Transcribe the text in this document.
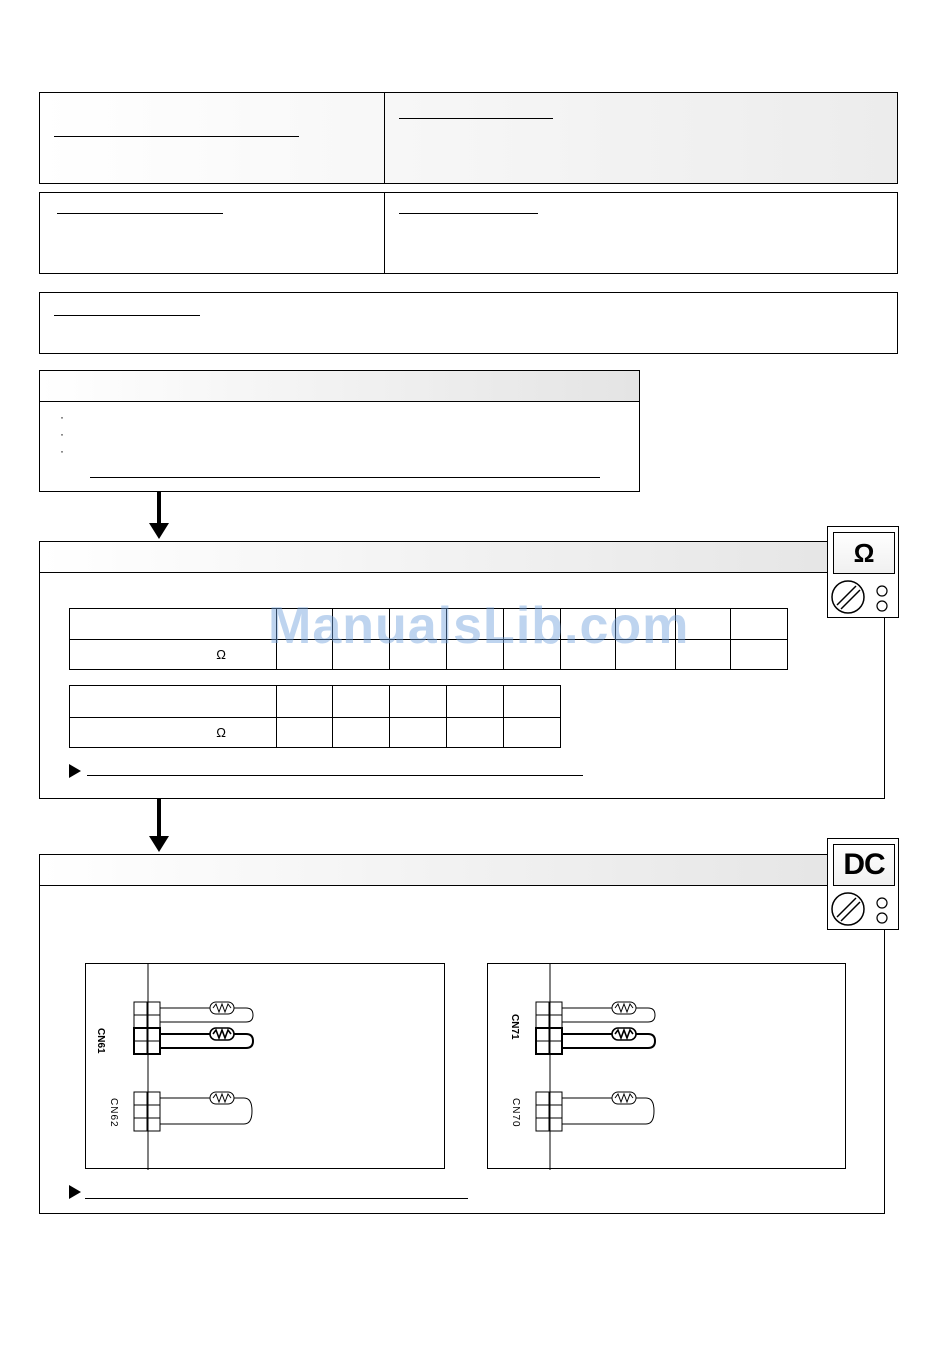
·
·
·

Ω									

Ω					
Ω
CN61
CN62
CN71
CN70
DC
ManualsLib.com
